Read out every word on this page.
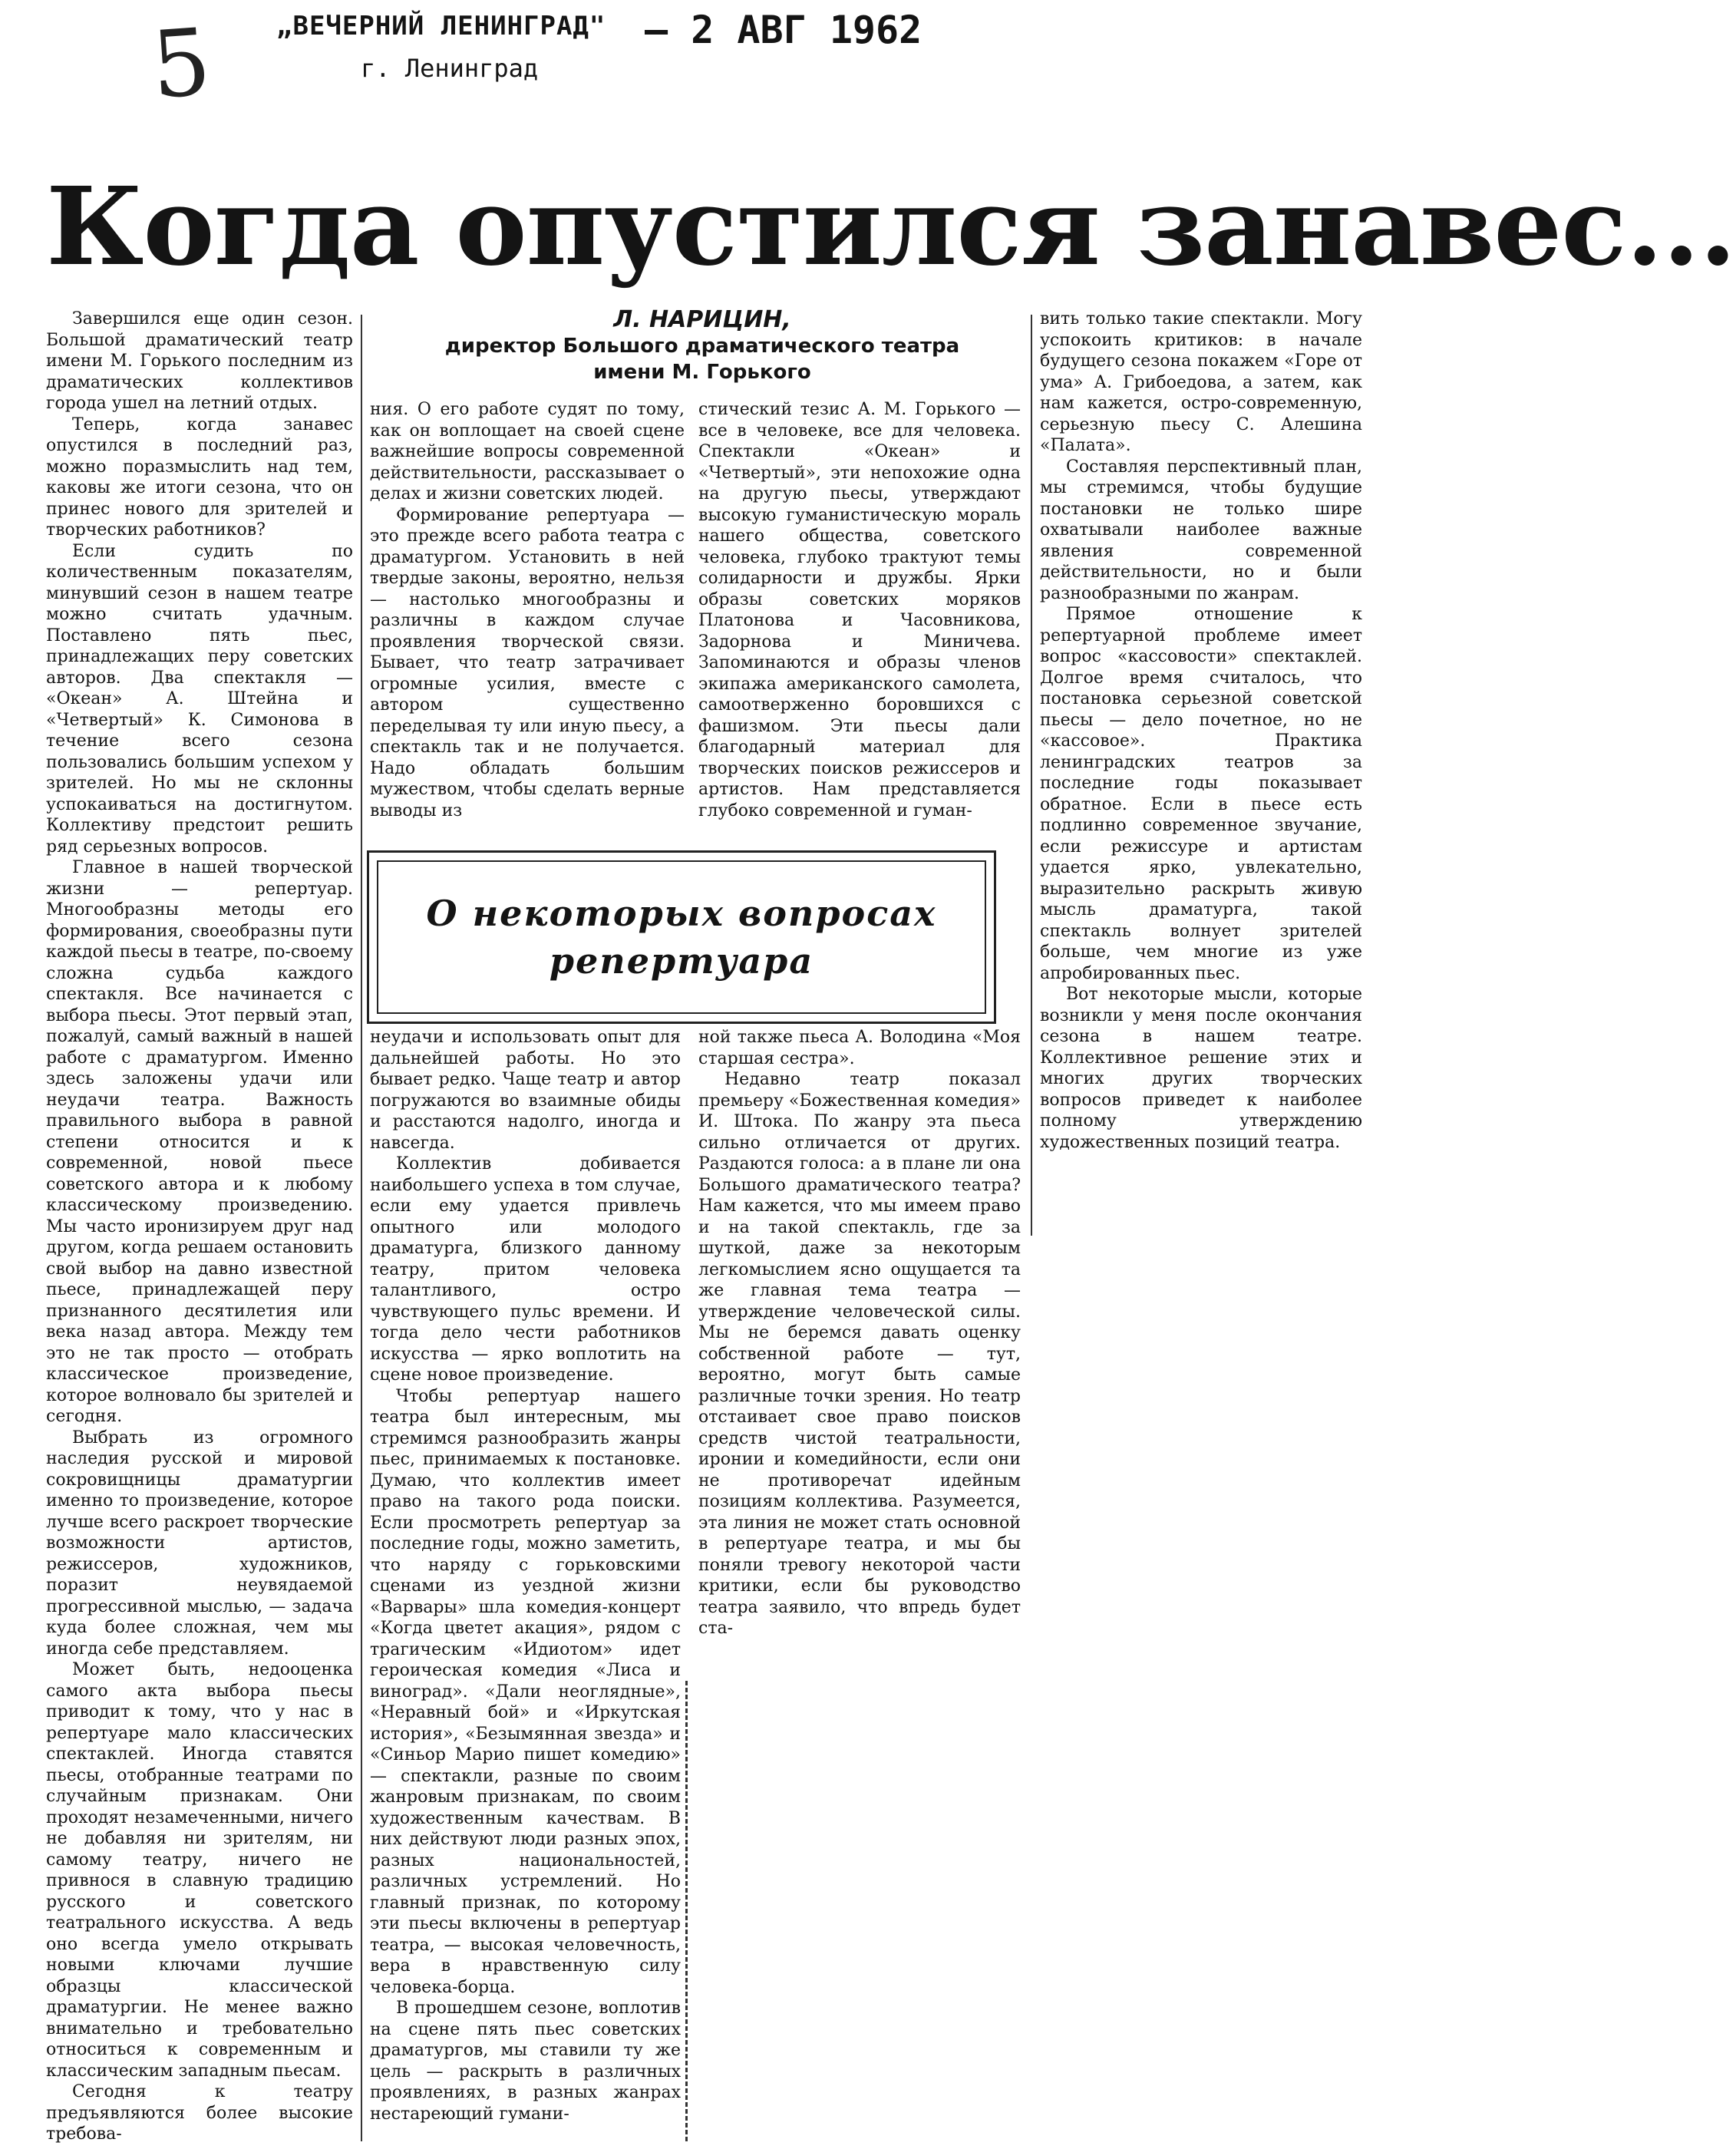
5 „ВЕЧЕРНИЙ ЛЕНИНГРАД" — 2 АВГ 1962
г. Ленинград
Когда опустился занавес...
Л. НАРИЦИН,
директор Большого драматического театра
имени М. Горького

Завершился еще один сезон. Большой драматический театр имени М. Горького последним из драматических коллективов города ушел на летний отдых.

Теперь, когда занавес опустился в последний раз, можно поразмыслить над тем, каковы же итоги сезона, что он принес нового для зрителей и творческих работников?

Если судить по количественным показателям, минувший сезон в нашем театре можно считать удачным. Поставлено пять пьес, принадлежащих перу советских авторов. Два спектакля — «Океан» А. Штейна и «Четвертый» К. Симонова в течение всего сезона пользовались большим успехом у зрителей. Но мы не склонны успокаиваться на достигнутом. Коллективу предстоит решить ряд серьезных вопросов.

Главное в нашей творческой жизни — репертуар. Многообразны методы его формирования, своеобразны пути каждой пьесы в театре, по-своему сложна судьба каждого спектакля. Все начинается с выбора пьесы. Этот первый этап, пожалуй, самый важный в нашей работе с драматургом. Именно здесь заложены удачи или неудачи театра. Важность правильного выбора в равной степени относится и к современной, новой пьесе советского автора и к любому классическому произведению. Мы часто иронизируем друг над другом, когда решаем остановить свой выбор на давно известной пьесе, принадлежащей перу признанного десятилетия или века назад автора. Между тем это не так просто — отобрать классическое произведение, которое волновало бы зрителей и сегодня.

Выбрать из огромного наследия русской и мировой сокровищницы драматургии именно то произведение, которое лучше всего раскроет творческие возможности артистов, режиссеров, художников, поразит неувядаемой прогрессивной мыслью, — задача куда более сложная, чем мы иногда себе представляем.

Может быть, недооценка самого акта выбора пьесы приводит к тому, что у нас в репертуаре мало классических спектаклей. Иногда ставятся пьесы, отобранные театрами по случайным признакам. Они проходят незамеченными, ничего не добавляя ни зрителям, ни самому театру, ничего не привнося в славную традицию русского и советского театрального искусства. А ведь оно всегда умело открывать новыми ключами лучшие образцы классической драматургии. Не менее важно внимательно и требовательно относиться к современным и классическим западным пьесам.

Сегодня к театру предъявляются более высокие требова-

ния. О его работе судят по тому, как он воплощает на своей сцене важнейшие вопросы современной действительности, рассказывает о делах и жизни советских людей.

Формирование репертуара — это прежде всего работа театра с драматургом. Установить в ней твердые законы, вероятно, нельзя — настолько многообразны и различны в каждом случае проявления творческой связи. Бывает, что театр затрачивает огромные усилия, вместе с автором существенно переделывая ту или иную пьесу, а спектакль так и не получается. Надо обладать большим мужеством, чтобы сделать верные выводы из

стический тезис А. М. Горького — все в человеке, все для человека. Спектакли «Океан» и «Четвертый», эти непохожие одна на другую пьесы, утверждают высокую гуманистическую мораль нашего общества, советского человека, глубоко трактуют темы солидарности и дружбы. Ярки образы советских моряков Платонова и Часовникова, Задорнова и Миничева. Запоминаются и образы членов экипажа американского самолета, самоотверженно боровшихся с фашизмом. Эти пьесы дали благодарный материал для творческих поисков режиссеров и артистов. Нам представляется глубоко современной и гуман-

О некоторых вопросах
репертуара

неудачи и использовать опыт для дальнейшей работы. Но это бывает редко. Чаще театр и автор погружаются во взаимные обиды и расстаются надолго, иногда и навсегда.

Коллектив добивается наибольшего успеха в том случае, если ему удается привлечь опытного или молодого драматурга, близкого данному театру, притом человека талантливого, остро чувствующего пульс времени. И тогда дело чести работников искусства — ярко воплотить на сцене новое произведение.

Чтобы репертуар нашего театра был интересным, мы стремимся разнообразить жанры пьес, принимаемых к постановке. Думаю, что коллектив имеет право на такого рода поиски. Если просмотреть репертуар за последние годы, можно заметить, что наряду с горьковскими сценами из уездной жизни «Варвары» шла комедия-концерт «Когда цветет акация», рядом с трагическим «Идиотом» идет героическая комедия «Лиса и виноград». «Дали неоглядные», «Неравный бой» и «Иркутская история», «Безымянная звезда» и «Синьор Марио пишет комедию» — спектакли, разные по своим жанровым признакам, по своим художественным качествам. В них действуют люди разных эпох, разных национальностей, различных устремлений. Но главный признак, по которому эти пьесы включены в репертуар театра, — высокая человечность, вера в нравственную силу человека-борца.

В прошедшем сезоне, воплотив на сцене пять пьес советских драматургов, мы ставили ту же цель — раскрыть в различных проявлениях, в разных жанрах нестареющий гумани-

ной также пьеса А. Володина «Моя старшая сестра».

Недавно театр показал премьеру «Божественная комедия» И. Штока. По жанру эта пьеса сильно отличается от других. Раздаются голоса: а в плане ли она Большого драматического театра? Нам кажется, что мы имеем право и на такой спектакль, где за шуткой, даже за некоторым легкомыслием ясно ощущается та же главная тема театра — утверждение человеческой силы. Мы не беремся давать оценку собственной работе — тут, вероятно, могут быть самые различные точки зрения. Но театр отстаивает свое право поисков средств чистой театральности, иронии и комедийности, если они не противоречат идейным позициям коллектива. Разумеется, эта линия не может стать основной в репертуаре театра, и мы бы поняли тревогу некоторой части критики, если бы руководство театра заявило, что впредь будет ста-

вить только такие спектакли. Могу успокоить критиков: в начале будущего сезона покажем «Горе от ума» А. Грибоедова, а затем, как нам кажется, остро-современную, серьезную пьесу С. Алешина «Палата».

Составляя перспективный план, мы стремимся, чтобы будущие постановки не только шире охватывали наиболее важные явления современной действительности, но и были разнообразными по жанрам.

Прямое отношение к репертуарной проблеме имеет вопрос «кассовости» спектаклей. Долгое время считалось, что постановка серьезной советской пьесы — дело почетное, но не «кассовое». Практика ленинградских театров за последние годы показывает обратное. Если в пьесе есть подлинно современное звучание, если режиссуре и артистам удается ярко, увлекательно, выразительно раскрыть живую мысль драматурга, такой спектакль волнует зрителей больше, чем многие из уже апробированных пьес.

Вот некоторые мысли, которые возникли у меня после окончания сезона в нашем театре. Коллективное решение этих и многих других творческих вопросов приведет к наиболее полному утверждению художественных позиций театра.
